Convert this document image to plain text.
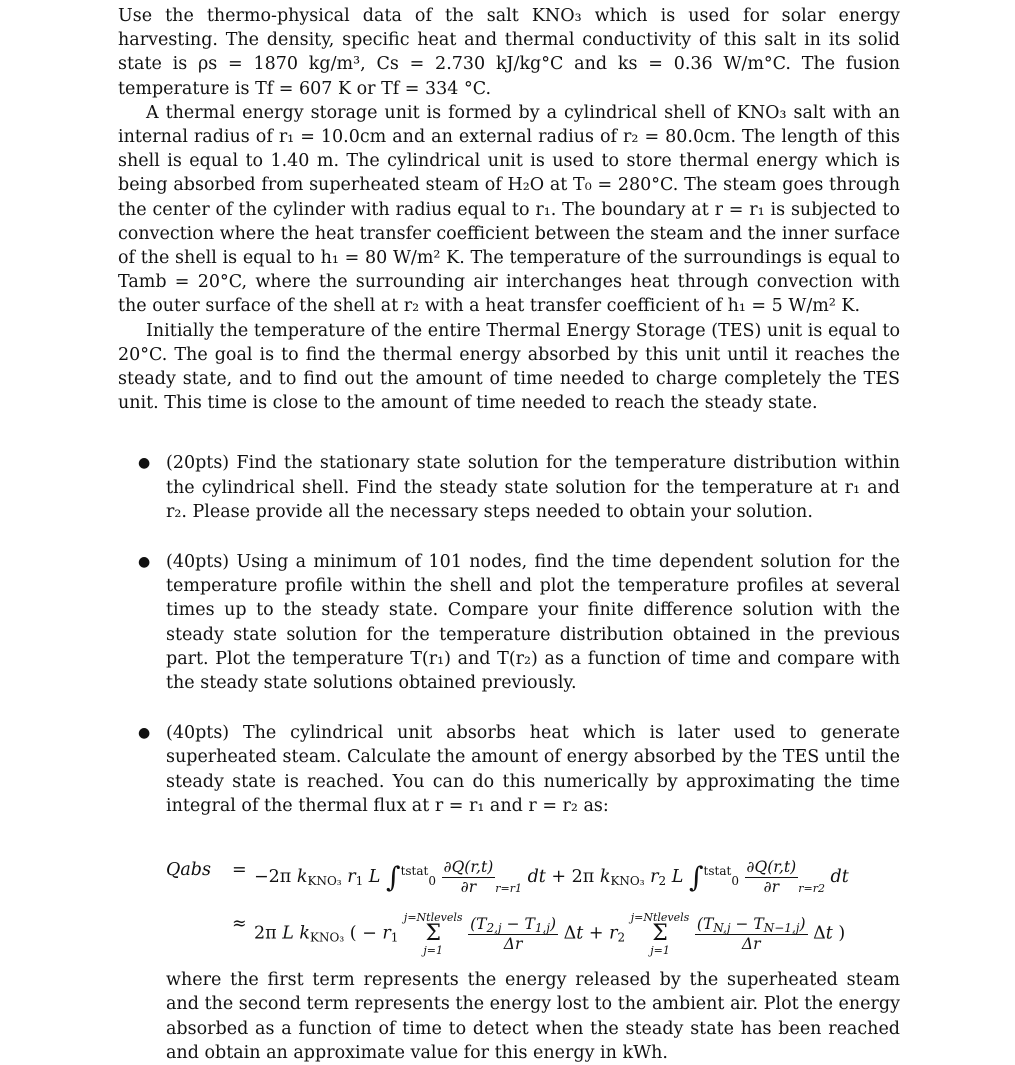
Use the thermo-physical data of the salt KNO₃ which is used for solar energy harvesting. The density, specific heat and thermal conductivity of this salt in its solid state is ρs = 1870 kg/m³, Cs = 2.730 kJ/kg°C and ks = 0.36 W/m°C. The fusion temperature is Tf = 607 K or Tf = 334 °C.

A thermal energy storage unit is formed by a cylindrical shell of KNO₃ salt with an internal radius of r₁ = 10.0cm and an external radius of r₂ = 80.0cm. The length of this shell is equal to 1.40 m. The cylindrical unit is used to store thermal energy which is being absorbed from superheated steam of H₂O at T₀ = 280°C. The steam goes through the center of the cylinder with radius equal to r₁. The boundary at r = r₁ is subjected to convection where the heat transfer coefficient between the steam and the inner surface of the shell is equal to h₁ = 80 W/m² K. The temperature of the surroundings is equal to Tamb = 20°C, where the surrounding air interchanges heat through convection with the outer surface of the shell at r₂ with a heat transfer coefficient of h₁ = 5 W/m² K.

Initially the temperature of the entire Thermal Energy Storage (TES) unit is equal to 20°C. The goal is to find the thermal energy absorbed by this unit until it reaches the steady state, and to find out the amount of time needed to charge completely the TES unit. This time is close to the amount of time needed to reach the steady state.

● (20pts) Find the stationary state solution for the temperature distribution within the cylindrical shell. Find the steady state solution for the temperature at r₁ and r₂. Please provide all the necessary steps needed to obtain your solution.
● (40pts) Using a minimum of 101 nodes, find the time dependent solution for the temperature profile within the shell and plot the temperature profiles at several times up to the steady state. Compare your finite difference solution with the steady state solution for the temperature distribution obtained in the previous part. Plot the temperature T(r₁) and T(r₂) as a function of time and compare with the steady state solutions obtained previously.
● (40pts) The cylindrical unit absorbs heat which is later used to generate superheated steam. Calculate the amount of energy absorbed by the TES until the steady state is reached. You can do this numerically by approximating the time integral of the thermal flux at r = r₁ and r = r₂ as:
Qabs = −2π $k_{KNO_3}$ $r_1$ L $\int^{tstat}_0 \frac{\partial Q(r,t)}{\partial r} _{r=r1}$ dt + 2π $k_{KNO_3}$ $r_2$ L $\int^{tstat}_0 \frac{\partial Q(r,t)}{\partial r} _{r=r2}$ dt
≈ 2π L $k_{KNO_3}$ ( − $r_1$ j=Ntlevels
Σ
$j=1 \frac{(T_{2,j} - T_{1,j})}{\Delta r}$ $\Delta t + r_2$ j=Ntlevels
Σ
$j=1 \frac{(T_{N,j} - T_{N-1,j})}{\Delta r}$ Δt )

where the first term represents the energy released by the superheated steam and the second term represents the energy lost to the ambient air. Plot the energy absorbed as a function of time to detect when the steady state has been reached and obtain an approximate value for this energy in kWh.
